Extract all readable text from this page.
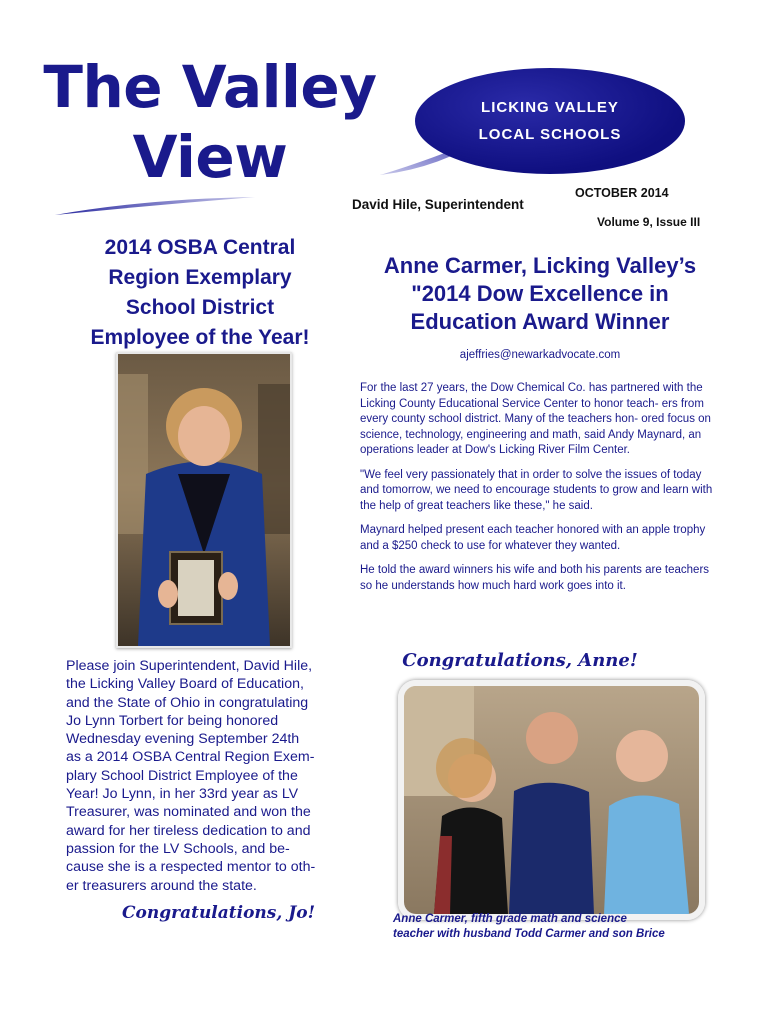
The Valley
View
LICKING VALLEY
LOCAL SCHOOLS
David Hile, Superintendent
OCTOBER 2014
Volume 9, Issue III
2014 OSBA Central
Region Exemplary
School District
Employee of the Year!
Please join Superintendent, David Hile,
the Licking Valley Board of Education,
and the State of Ohio in congratulating
Jo Lynn Torbert for being honored
Wednesday evening September 24th
as a 2014 OSBA Central Region Exem-
plary School District Employee of the
Year! Jo Lynn, in her 33rd year as LV
Treasurer, was nominated and won the
award for her tireless dedication to and
passion for the LV Schools, and be-
cause she is a respected mentor to oth-
er treasurers around the state.
Congratulations, Jo!
Anne Carmer, Licking Valley’s
"2014 Dow Excellence in
Education Award Winner
ajeffries@newarkadvocate.com

For the last 27 years, the Dow Chemical Co. has partnered with the Licking County Educational Service Center to honor teach- ers from every county school district. Many of the teachers hon- ored focus on science, technology, engineering and math, said Andy Maynard, an operations leader at Dow's Licking River Film Center.

"We feel very passionately that in order to solve the issues of today and tomorrow, we need to encourage students to grow and learn with the help of great teachers like these," he said.

Maynard helped present each teacher honored with an apple trophy and a $250 check to use for whatever they wanted.

He told the award winners his wife and both his parents are teachers so he understands how much hard work goes into it.

Congratulations, Anne!
Anne Carmer, fifth grade math and science
teacher with husband Todd Carmer and son Brice
